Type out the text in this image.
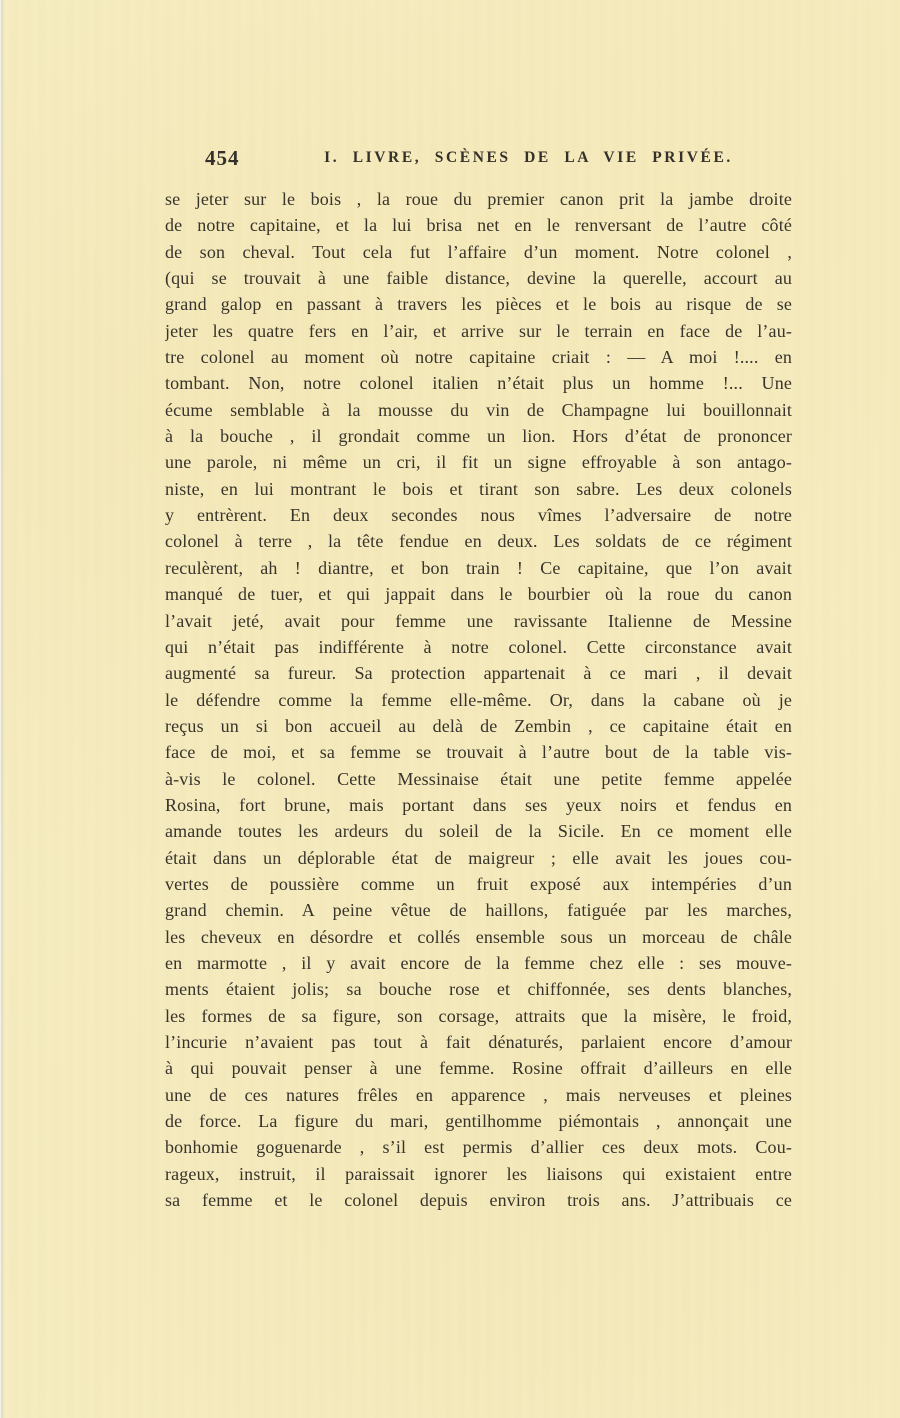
454	I. LIVRE, SCÈNES DE LA VIE PRIVÉE.
se jeter sur le bois , la roue du premier canon prit la jambe droite
de notre capitaine, et la lui brisa net en le renversant de l’autre côté
de son cheval. Tout cela fut l’affaire d’un moment. Notre colonel ,
(qui se trouvait à une faible distance, devine la querelle, accourt au
grand galop en passant à travers les pièces et le bois au risque de se
jeter les quatre fers en l’air, et arrive sur le terrain en face de l’au-
tre colonel au moment où notre capitaine criait : — A moi !.... en
tombant. Non, notre colonel italien n’était plus un homme !... Une
écume semblable à la mousse du vin de Champagne lui bouillonnait
à la bouche , il grondait comme un lion. Hors d’état de prononcer
une parole, ni même un cri, il fit un signe effroyable à son antago-
niste, en lui montrant le bois et tirant son sabre. Les deux colonels
y entrèrent. En deux secondes nous vîmes l’adversaire de notre
colonel à terre , la tête fendue en deux. Les soldats de ce régiment
reculèrent, ah ! diantre, et bon train ! Ce capitaine, que l’on avait
manqué de tuer, et qui jappait dans le bourbier où la roue du canon
l’avait jeté, avait pour femme une ravissante Italienne de Messine
qui n’était pas indifférente à notre colonel. Cette circonstance avait
augmenté sa fureur. Sa protection appartenait à ce mari , il devait
le défendre comme la femme elle-même. Or, dans la cabane où je
reçus un si bon accueil au delà de Zembin , ce capitaine était en
face de moi, et sa femme se trouvait à l’autre bout de la table vis-
à-vis le colonel. Cette Messinaise était une petite femme appelée
Rosina, fort brune, mais portant dans ses yeux noirs et fendus en
amande toutes les ardeurs du soleil de la Sicile. En ce moment elle
était dans un déplorable état de maigreur ; elle avait les joues cou-
vertes de poussière comme un fruit exposé aux intempéries d’un
grand chemin. A peine vêtue de haillons, fatiguée par les marches,
les cheveux en désordre et collés ensemble sous un morceau de châle
en marmotte , il y avait encore de la femme chez elle : ses mouve-
ments étaient jolis; sa bouche rose et chiffonnée, ses dents blanches,
les formes de sa figure, son corsage, attraits que la misère, le froid,
l’incurie n’avaient pas tout à fait dénaturés, parlaient encore d’amour
à qui pouvait penser à une femme. Rosine offrait d’ailleurs en elle
une de ces natures frêles en apparence , mais nerveuses et pleines
de force. La figure du mari, gentilhomme piémontais , annonçait une
bonhomie goguenarde , s’il est permis d’allier ces deux mots. Cou-
rageux, instruit, il paraissait ignorer les liaisons qui existaient entre
sa femme et le colonel depuis environ trois ans. J’attribuais ce
